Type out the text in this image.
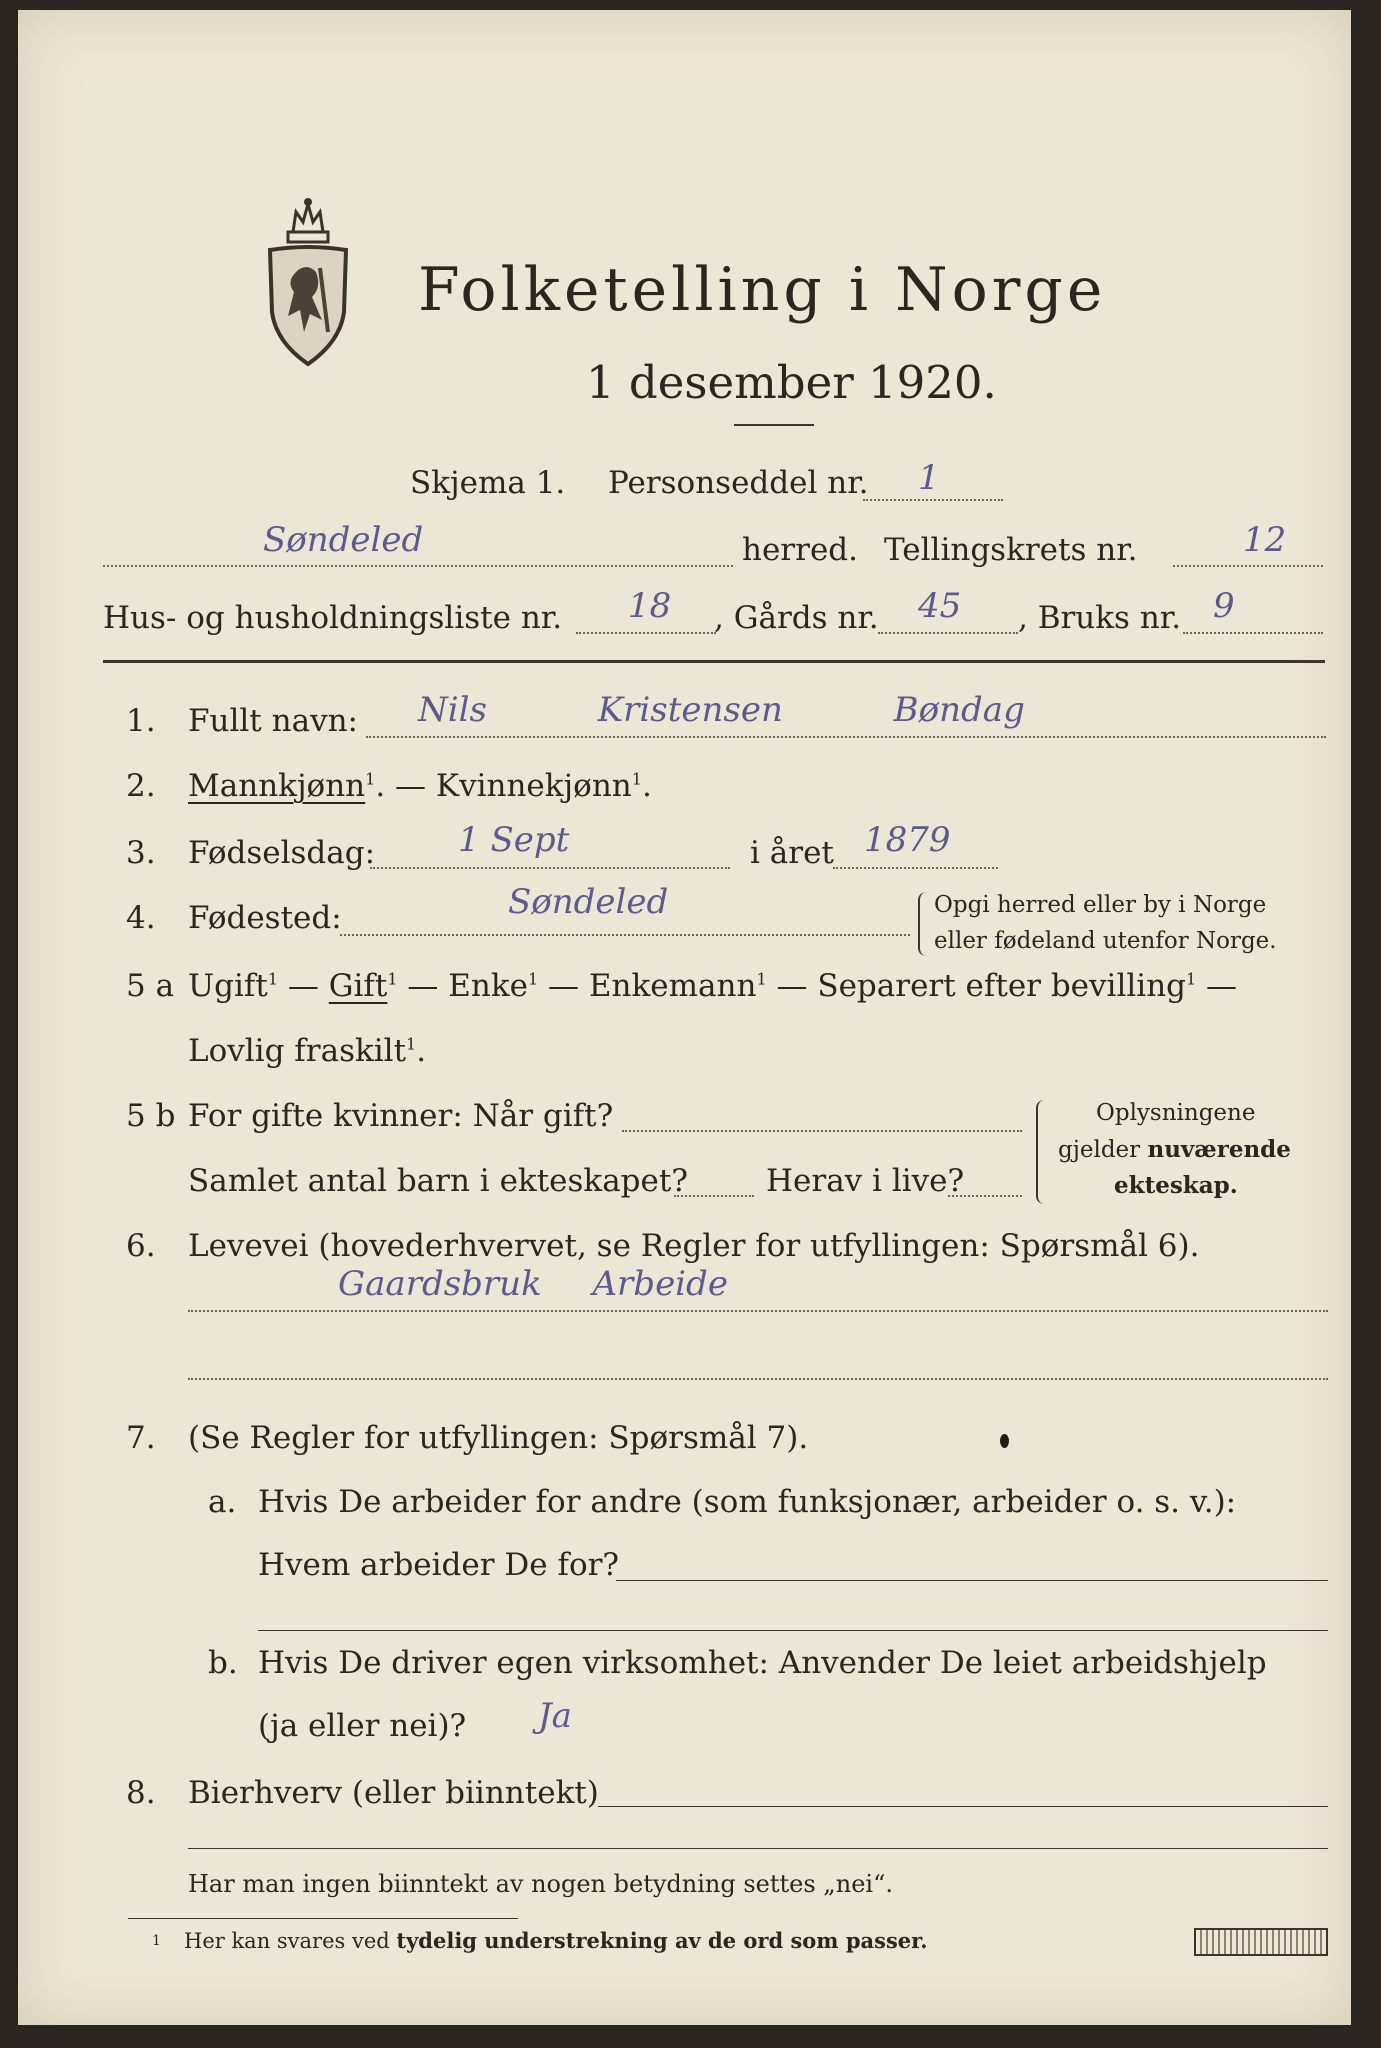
Folketelling i Norge
1 desember 1920.
Skjema 1. Personseddel nr. 1
Søndeled	herred. Tellingskrets nr.	12
Hus- og husholdningsliste nr. 18 , Gårds nr. 45 , Bruks nr. 9
1. Fullt navn: Nils Kristensen Bøndag
2. Mannkjønn$^1$. — Kvinnekjønn$^1$.
3. Fødselsdag: 1 Sept	i året 1879
4. Fødested:	Søndeled	Opgi herred eller by i Norge
eller fødeland utenfor Norge.
5 a Ugift$^1$ — Gift$^1$ — Enke$^1$ — Enkemann$^1$ — Separert efter bevilling$^1$ —
Lovlig fraskilt$^1$.
5 b For gifte kvinner: Når gift?
Samlet antal barn i ekteskapet?	Herav i live?
Oplysningene
gjelder nuværende
ekteskap.
6. Levevei (hovederhvervet, se Regler for utfyllingen: Spørsmål 6).
Gaardsbruk Arbeide
7. (Se Regler for utfyllingen: Spørsmål 7).
a. Hvis De arbeider for andre (som funksjonær, arbeider o. s. v.):
Hvem arbeider De for?
b. Hvis De driver egen virksomhet: Anvender De leiet arbeidshjelp
(ja eller nei)? Ja
8. Bierhverv (eller biinntekt)
Har man ingen biinntekt av nogen betydning settes „nei“.
1 Her kan svares ved tydelig understrekning av de ord som passer.
